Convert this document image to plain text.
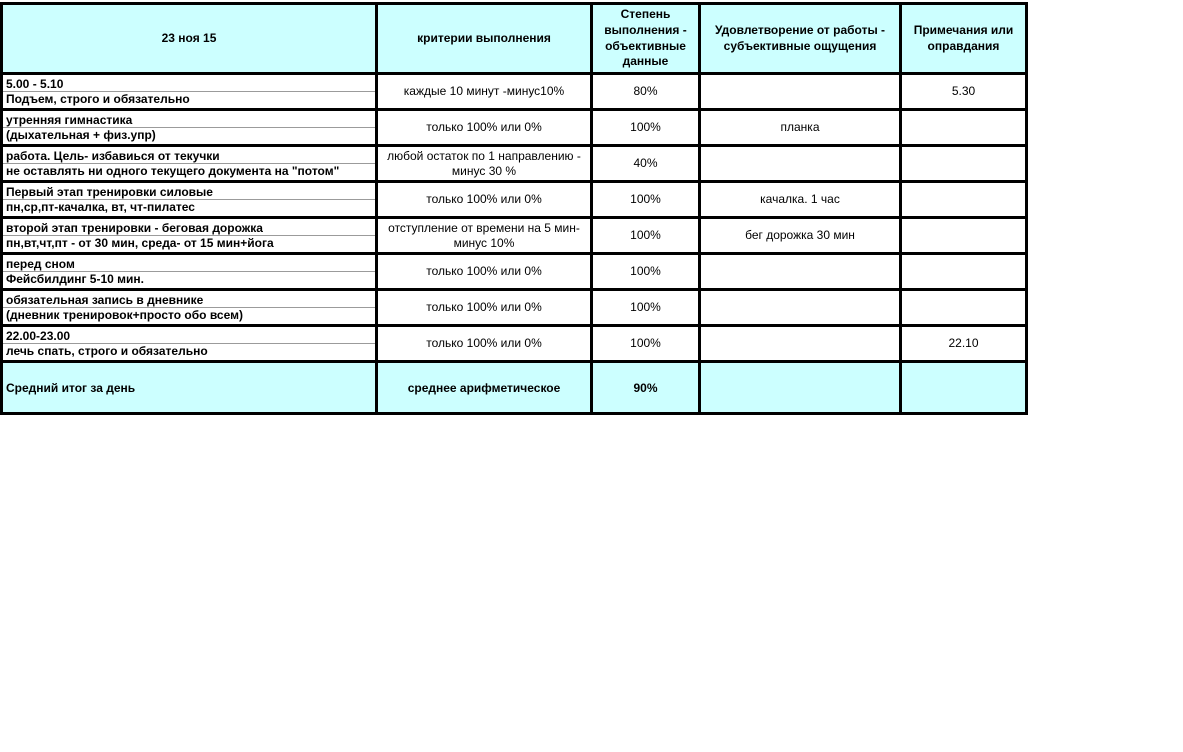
23 ноя 15	критерии выполнения	Степень выполнения - объективные данные	Удовлетворение от работы - субъективные ощущения	Примечания или оправдания

5.00 - 5.10
Подъем, строго и обязательно	каждые 10 минут -минус10%	80%		5.30

утренняя гимнастика
(дыхательная + физ.упр)	только 100% или 0%	100%	планка	

работа. Цель- избавиься от текучки
не оставлять ни одного текущего документа на "потом"	любой остаток по 1 направлению - минус 30 %	40%		

Первый этап тренировки силовые
пн,ср,пт-качалка, вт, чт-пилатес	только 100% или 0%	100%	качалка. 1 час	

второй этап тренировки - беговая дорожка
пн,вт,чт,пт - от 30 мин, среда- от 15 мин+йога	отступление от времени на 5 мин- минус 10%	100%	бег дорожка 30 мин	

перед сном
Фейсбилдинг 5-10 мин.	только 100% или 0%	100%		

обязательная запись в дневнике
(дневник тренировок+просто обо всем)	только 100% или 0%	100%		

22.00-23.00
лечь спать, строго и обязательно	только 100% или 0%	100%		22.10
Средний итог за день	среднее арифметическое	90%		
